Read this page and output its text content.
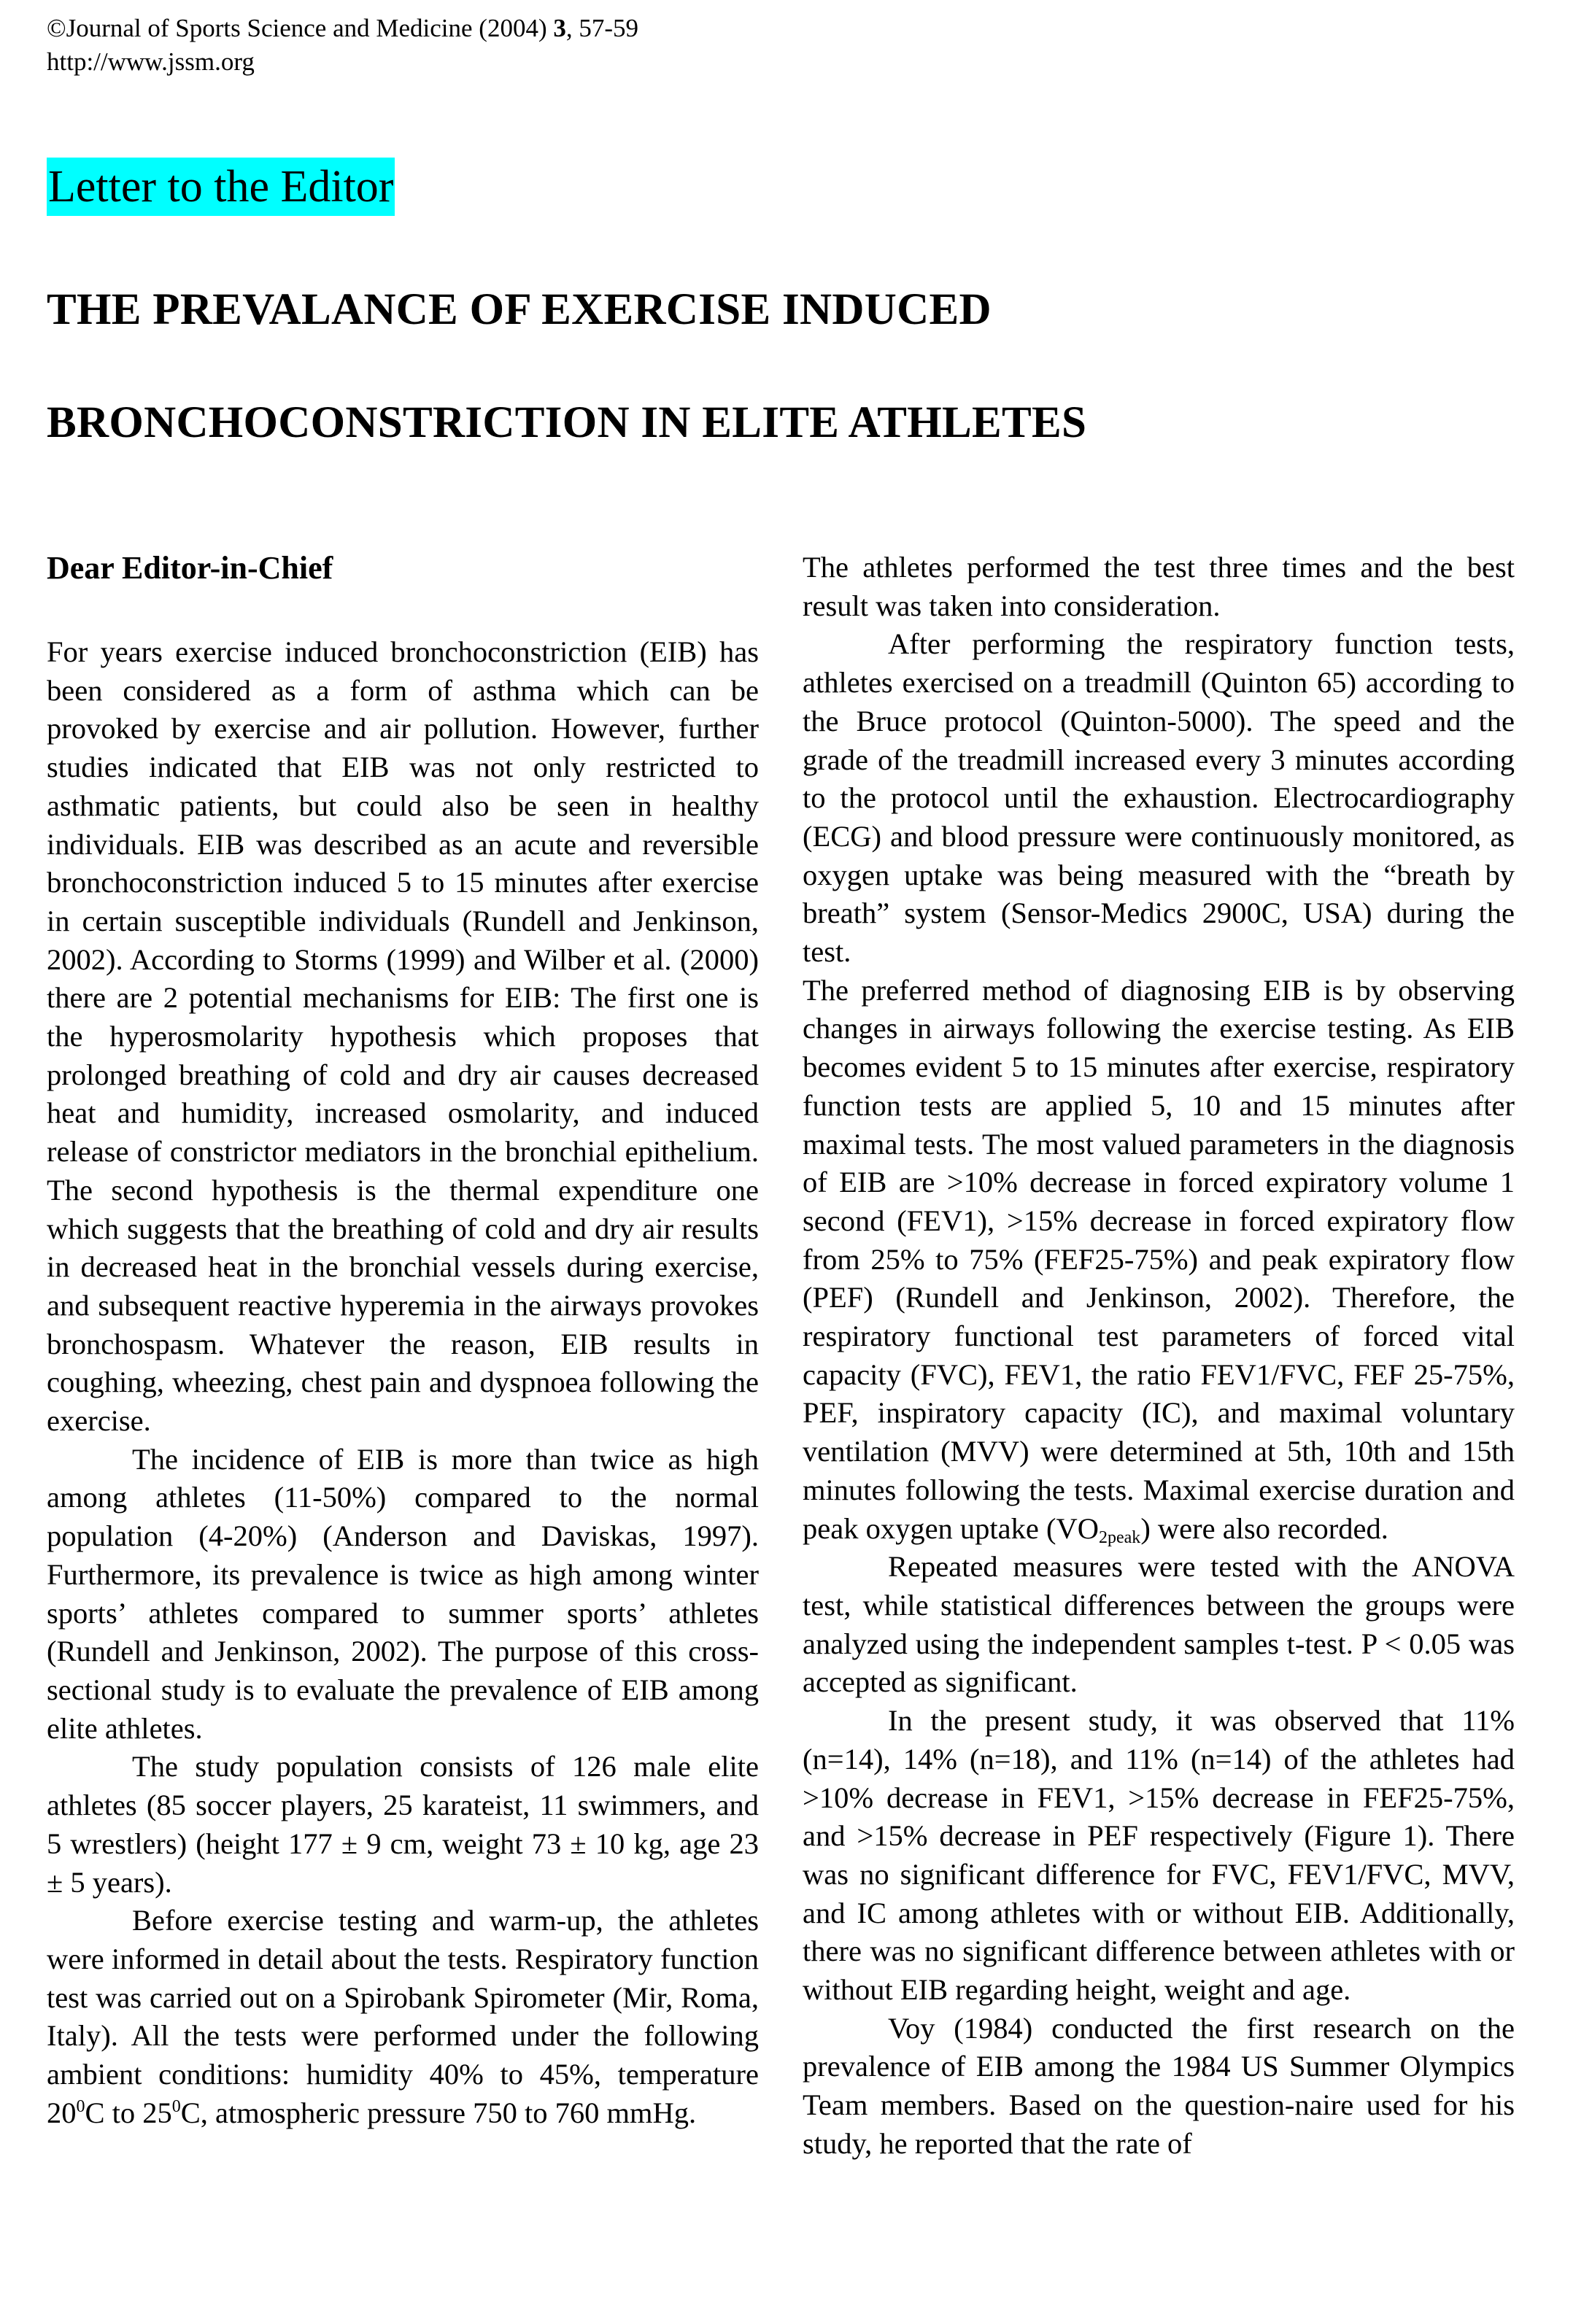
©Journal of Sports Science and Medicine (2004) 3, 57-59
http://www.jssm.org
Letter to the Editor
THE PREVALANCE OF EXERCISE INDUCED
BRONCHOCONSTRICTION IN ELITE ATHLETES
Dear Editor-in-Chief

For years exercise induced bronchoconstriction (EIB) has been considered as a form of asthma which can be provoked by exercise and air pollution. However, further studies indicated that EIB was not only restricted to asthmatic patients, but could also be seen in healthy individuals. EIB was described as an acute and reversible bronchoconstriction induced 5 to 15 minutes after exercise in certain susceptible individuals (Rundell and Jenkinson, 2002). According to Storms (1999) and Wilber et al. (2000) there are 2 potential mechanisms for EIB: The first one is the hyperosmolarity hypothesis which proposes that prolonged breathing of cold and dry air causes decreased heat and humidity, increased osmolarity, and induced release of constrictor mediators in the bronchial epithelium. The second hypothesis is the thermal expenditure one which suggests that the breathing of cold and dry air results in decreased heat in the bronchial vessels during exercise, and subsequent reactive hyperemia in the airways provokes bronchospasm. Whatever the reason, EIB results in coughing, wheezing, chest pain and dyspnoea following the exercise.

The incidence of EIB is more than twice as high among athletes (11-50%) compared to the normal population (4-20%) (Anderson and Daviskas, 1997). Furthermore, its prevalence is twice as high among winter sports’ athletes compared to summer sports’ athletes (Rundell and Jenkinson, 2002). The purpose of this cross-sectional study is to evaluate the prevalence of EIB among elite athletes.

The study population consists of 126 male elite athletes (85 soccer players, 25 karateist, 11 swimmers, and 5 wrestlers) (height 177 ± 9 cm, weight 73 ± 10 kg, age 23 ± 5 years).

Before exercise testing and warm-up, the athletes were informed in detail about the tests. Respiratory function test was carried out on a Spirobank Spirometer (Mir, Roma, Italy). All the tests were performed under the following ambient conditions: humidity 40% to 45%, temperature $20^0C$ to $25^0C$, atmospheric pressure 750 to 760 mmHg.

The athletes performed the test three times and the best result was taken into consideration.

After performing the respiratory function tests, athletes exercised on a treadmill (Quinton 65) according to the Bruce protocol (Quinton-5000). The speed and the grade of the treadmill increased every 3 minutes according to the protocol until the exhaustion. Electrocardiography (ECG) and blood pressure were continuously monitored, as oxygen uptake was being measured with the “breath by breath” system (Sensor-Medics 2900C, USA) during the test.

The preferred method of diagnosing EIB is by observing changes in airways following the exercise testing. As EIB becomes evident 5 to 15 minutes after exercise, respiratory function tests are applied 5, 10 and 15 minutes after maximal tests. The most valued parameters in the diagnosis of EIB are >10% decrease in forced expiratory volume 1 second (FEV1), >15% decrease in forced expiratory flow from 25% to 75% (FEF25-75%) and peak expiratory flow (PEF) (Rundell and Jenkinson, 2002). Therefore, the respiratory functional test parameters of forced vital capacity (FVC), FEV1, the ratio FEV1/FVC, FEF 25-75%, PEF, inspiratory capacity (IC), and maximal voluntary ventilation (MVV) were determined at 5th, 10th and 15th minutes following the tests. Maximal exercise duration and peak oxygen uptake $(VO_{2peak})$ were also recorded.

Repeated measures were tested with the ANOVA test, while statistical differences between the groups were analyzed using the independent samples t-test. P < 0.05 was accepted as significant.

In the present study, it was observed that 11% (n=14), 14% (n=18), and 11% (n=14) of the athletes had >10% decrease in FEV1, >15% decrease in FEF25-75%, and >15% decrease in PEF respectively (Figure 1). There was no significant difference for FVC, FEV1/FVC, MVV, and IC among athletes with or without EIB. Additionally, there was no significant difference between athletes with or without EIB regarding height, weight and age.

Voy (1984) conducted the first research on the prevalence of EIB among the 1984 US Summer Olympics Team members. Based on the question-naire used for his study, he reported that the rate of
